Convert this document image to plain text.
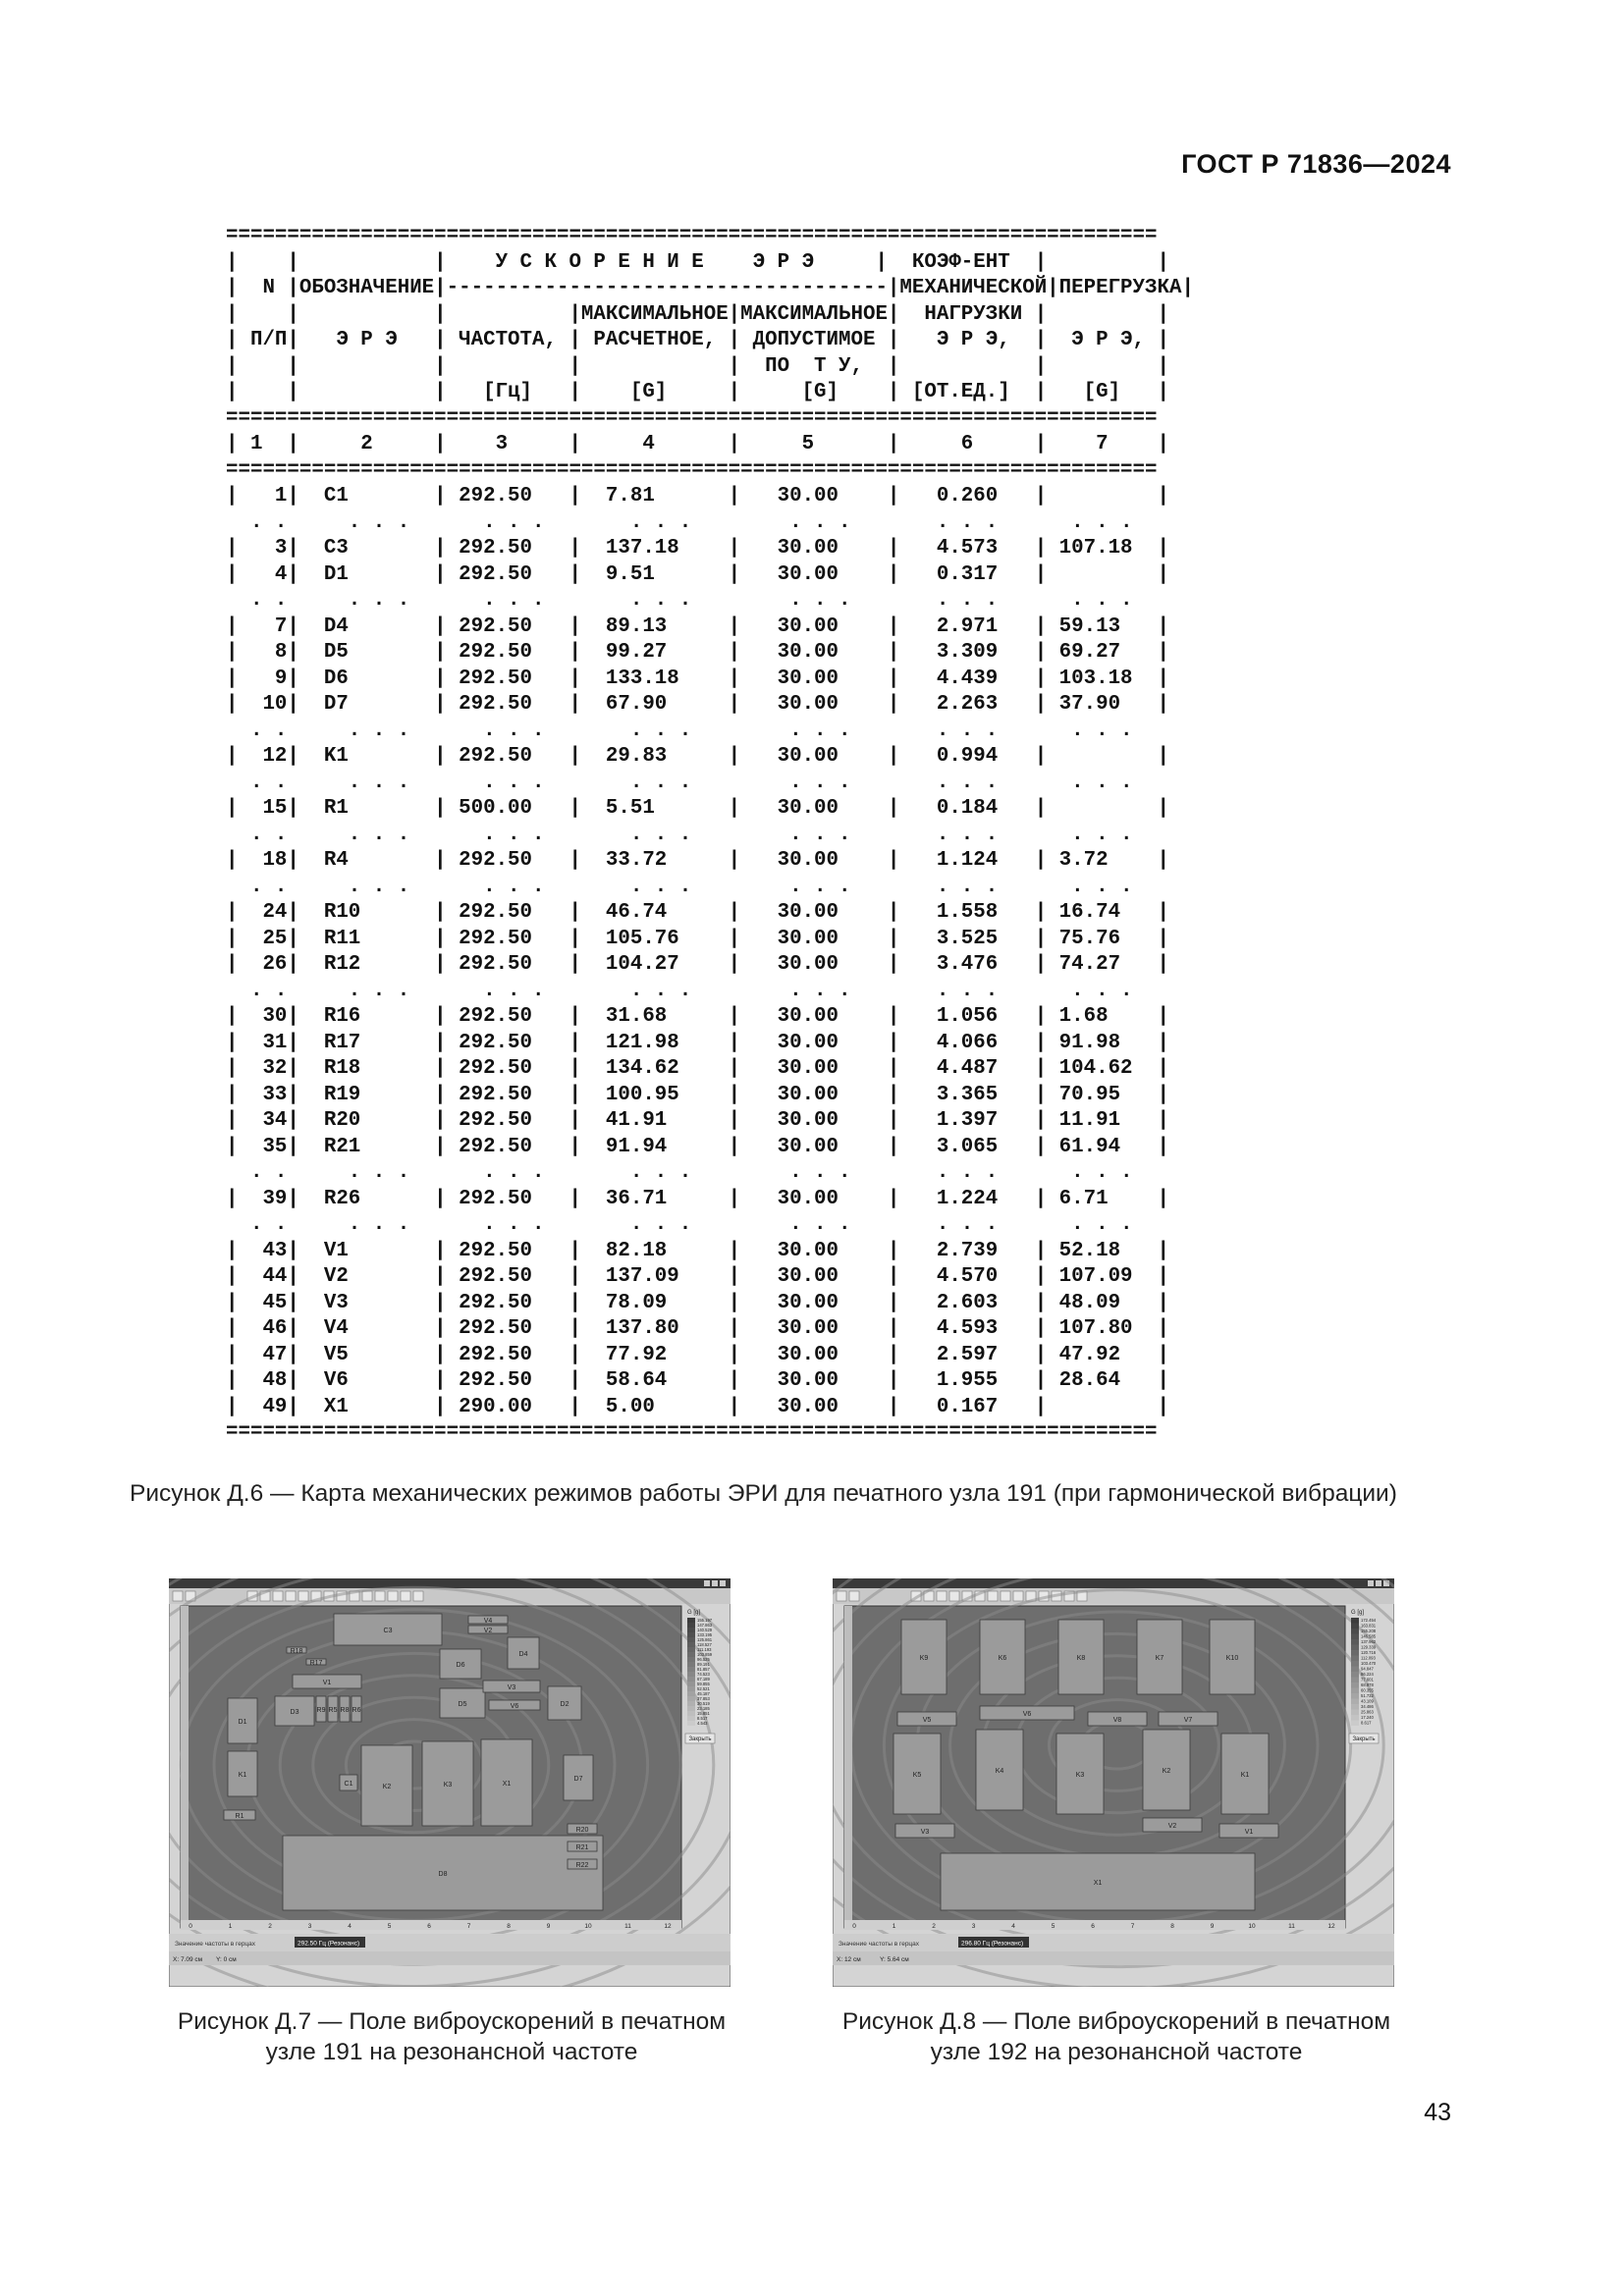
ГОСТ Р 71836—2024
============================================================================
|    |           |    У С К О Р Е Н И Е    Э Р Э     |  КОЭФ-ЕНТ  |         |
|  N |ОБОЗНАЧЕНИЕ|------------------------------------|МЕХАНИЧЕСКОЙ|ПЕРЕГРУЗКА|
|    |           |          |МАКСИМАЛЬНОЕ|МАКСИМАЛЬНОЕ|  НАГРУЗКИ |         |
| П/П|   Э Р Э   | ЧАСТОТА, | РАСЧЕТНОЕ, | ДОПУСТИМОЕ |   Э Р Э,  |  Э Р Э, |
|    |           |          |            |  ПО  Т У,  |           |         |
|    |           |   [Гц]   |    [G]     |     [G]    | [ОТ.ЕД.]  |   [G]   |
============================================================================
| 1  |     2     |    3     |     4      |     5      |     6     |    7    |
============================================================================
|   1|  C1       | 292.50   |  7.81      |   30.00    |   0.260   |         |
. .     . . .      . . .       . . .        . . .       . . .      . . .
|   3|  C3       | 292.50   |  137.18    |   30.00    |   4.573   | 107.18  |
|   4|  D1       | 292.50   |  9.51      |   30.00    |   0.317   |         |
. .     . . .      . . .       . . .        . . .       . . .      . . .
|   7|  D4       | 292.50   |  89.13     |   30.00    |   2.971   | 59.13   |
|   8|  D5       | 292.50   |  99.27     |   30.00    |   3.309   | 69.27   |
|   9|  D6       | 292.50   |  133.18    |   30.00    |   4.439   | 103.18  |
|  10|  D7       | 292.50   |  67.90     |   30.00    |   2.263   | 37.90   |
. .     . . .      . . .       . . .        . . .       . . .      . . .
|  12|  K1       | 292.50   |  29.83     |   30.00    |   0.994   |         |
. .     . . .      . . .       . . .        . . .       . . .      . . .
|  15|  R1       | 500.00   |  5.51      |   30.00    |   0.184   |         |
. .     . . .      . . .       . . .        . . .       . . .      . . .
|  18|  R4       | 292.50   |  33.72     |   30.00    |   1.124   | 3.72    |
. .     . . .      . . .       . . .        . . .       . . .      . . .
|  24|  R10      | 292.50   |  46.74     |   30.00    |   1.558   | 16.74   |
|  25|  R11      | 292.50   |  105.76    |   30.00    |   3.525   | 75.76   |
|  26|  R12      | 292.50   |  104.27    |   30.00    |   3.476   | 74.27   |
. .     . . .      . . .       . . .        . . .       . . .      . . .
|  30|  R16      | 292.50   |  31.68     |   30.00    |   1.056   | 1.68    |
|  31|  R17      | 292.50   |  121.98    |   30.00    |   4.066   | 91.98   |
|  32|  R18      | 292.50   |  134.62    |   30.00    |   4.487   | 104.62  |
|  33|  R19      | 292.50   |  100.95    |   30.00    |   3.365   | 70.95   |
|  34|  R20      | 292.50   |  41.91     |   30.00    |   1.397   | 11.91   |
|  35|  R21      | 292.50   |  91.94     |   30.00    |   3.065   | 61.94   |
. .     . . .      . . .       . . .        . . .       . . .      . . .
|  39|  R26      | 292.50   |  36.71     |   30.00    |   1.224   | 6.71    |
. .     . . .      . . .       . . .        . . .       . . .      . . .
|  43|  V1       | 292.50   |  82.18     |   30.00    |   2.739   | 52.18   |
|  44|  V2       | 292.50   |  137.09    |   30.00    |   4.570   | 107.09  |
|  45|  V3       | 292.50   |  78.09     |   30.00    |   2.603   | 48.09   |
|  46|  V4       | 292.50   |  137.80    |   30.00    |   4.593   | 107.80  |
|  47|  V5       | 292.50   |  77.92     |   30.00    |   2.597   | 47.92   |
|  48|  V6       | 292.50   |  58.64     |   30.00    |   1.955   | 28.64   |
|  49|  X1       | 290.00   |  5.00      |   30.00    |   0.167   |         |
============================================================================
Рисунок Д.6 — Карта механических режимов работы ЭРИ для печатного узла 191 (при гармонической вибрации)
C3
V4
V2
D4
D6
V1
R18
R17
D3	R9 R5 R8 R6
D5	V6
V3
D2
D1
K1
C1
R1
K2	K3	X1
D8
D7
R20
R21
R22
0	1	2	3	4	5	6	7	8	9	10	11	12
G [g]
155.197
147.863
140.529
133.195
125.861
118.527
111.193
103.859
96.525
89.191
81.857
74.523
67.189
59.855
52.521
45.187
37.853
30.519
23.185
15.851
8.517
4.543
Закрыть
Значение частоты в герцах	292.50 Гц (Резонанс)
X: 7.09 см Y: 0 см
K9	K6	K8	K7	K10
V5
V6
V8	V7
K5
K4
K3
K2
K1
V3
V2
V1
X1
0	1	2	3	4	5	6	7	8	9	10	11	12
G [g]
172.454
163.831
155.208
146.585
137.962
129.339
120.716
112.093
103.470
94.847
86.224
77.601
68.978
60.355
51.732
43.109
34.486
25.863
17.240
8.617
Закрыть
Значение частоты в герцах	296.80 Гц (Резонанс)
X: 12 см	Y: 5.64 см
Рисунок Д.7 — Поле виброускорений в печатном узле 191 на резонансной частоте
Рисунок Д.8 — Поле виброускорений в печатном узле 192 на резонансной частоте
43
